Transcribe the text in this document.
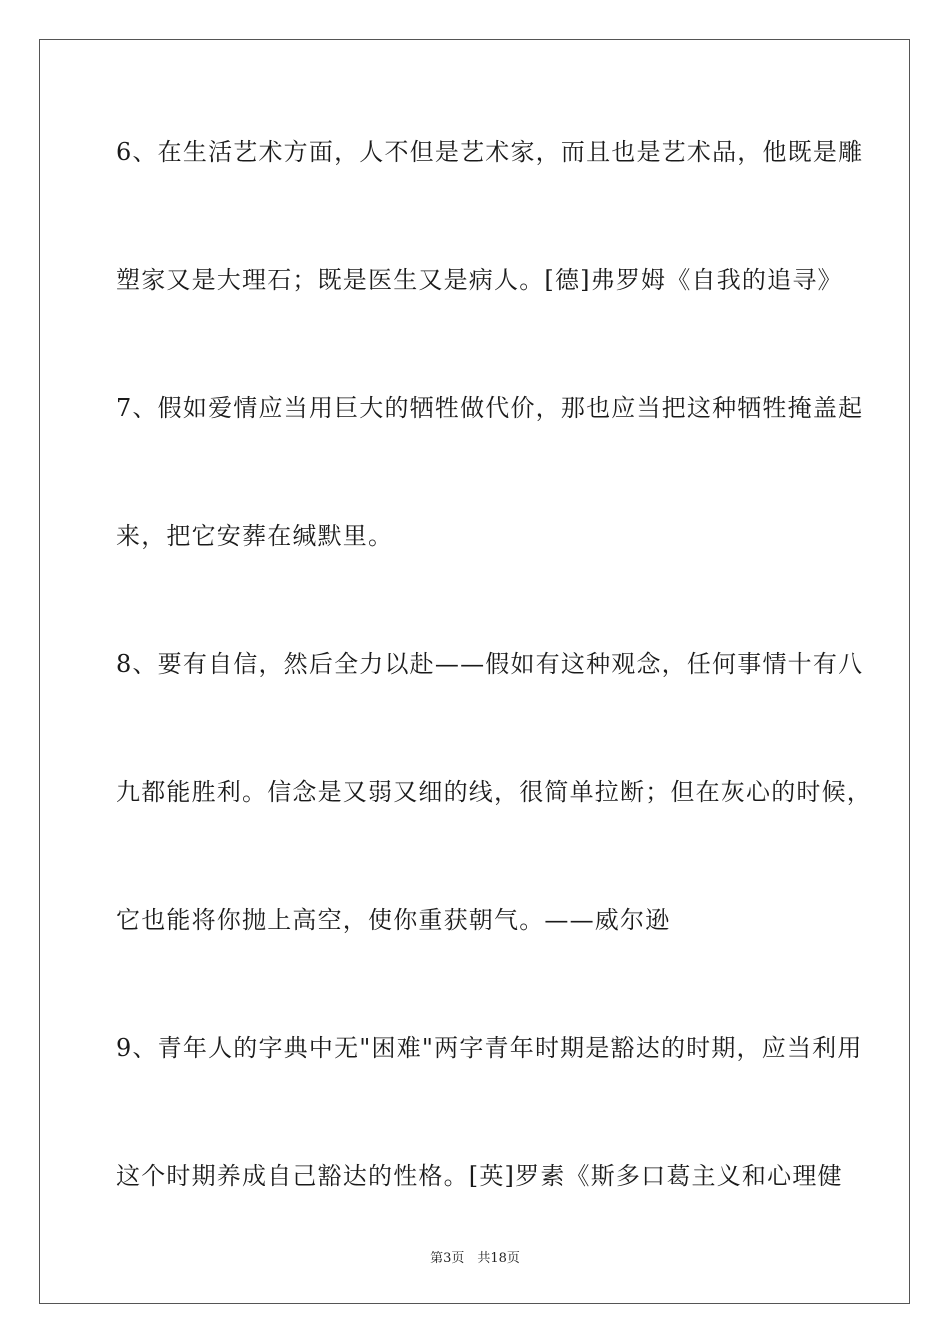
6、在生活艺术方面，人不但是艺术家，而且也是艺术品，他既是雕
塑家又是大理石；既是医生又是病人。[德]弗罗姆《自我的追寻》
7、假如爱情应当用巨大的牺牲做代价，那也应当把这种牺牲掩盖起
来，把它安葬在缄默里。
8、要有自信，然后全力以赴——假如有这种观念，任何事情十有八
九都能胜利。信念是又弱又细的线，很简单拉断；但在灰心的时候，
它也能将你抛上高空，使你重获朝气。——威尔逊
9、青年人的字典中无"困难"两字青年时期是豁达的时期，应当利用
这个时期养成自己豁达的性格。[英]罗素《斯多口葛主义和心理健
第3页　共18页
